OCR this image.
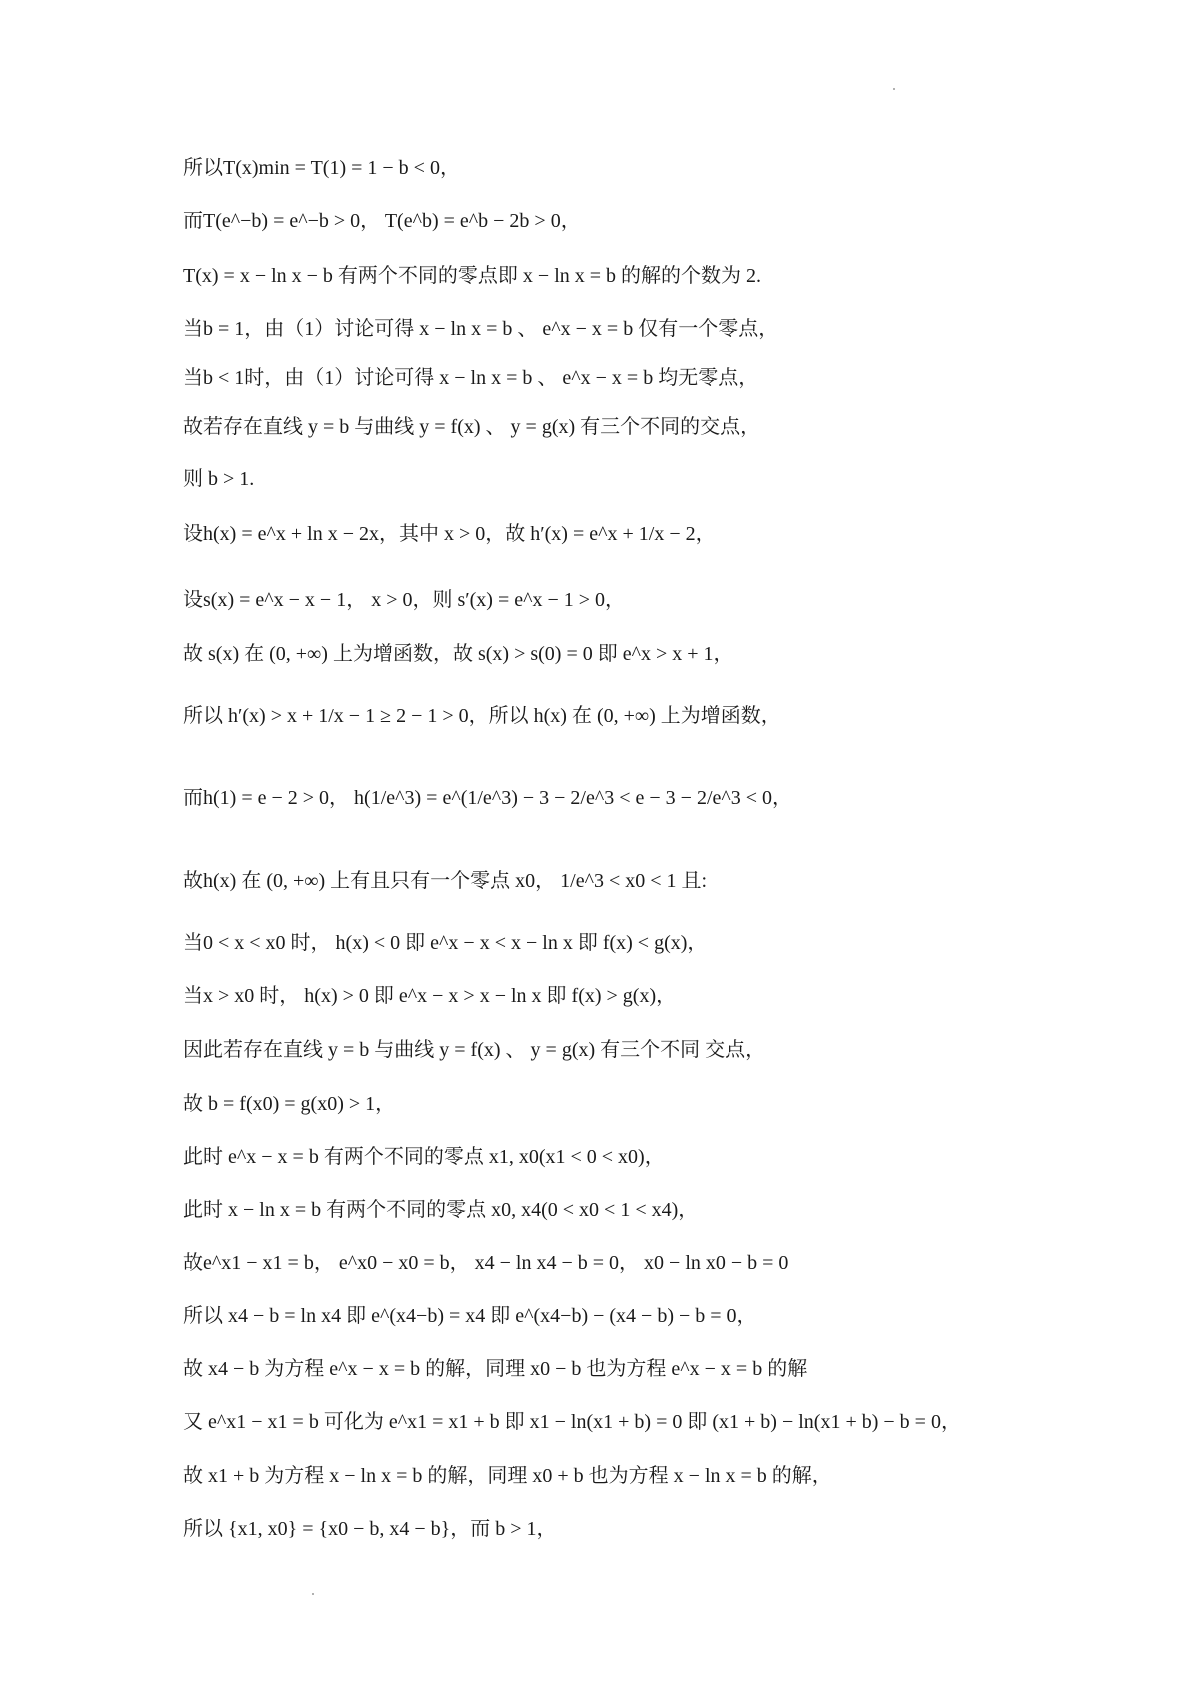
所以T(x)min = T(1) = 1 − b < 0，
而T(e^−b) = e^−b > 0， T(e^b) = e^b − 2b > 0，
T(x) = x − ln x − b 有两个不同的零点即 x − ln x = b 的解的个数为 2.
当b = 1，由（1）讨论可得 x − ln x = b 、 e^x − x = b 仅有一个零点，
当b < 1时，由（1）讨论可得 x − ln x = b 、 e^x − x = b 均无零点，
故若存在直线 y = b 与曲线 y = f(x) 、 y = g(x) 有三个不同的交点，
则 b > 1.
设h(x) = e^x + ln x − 2x，其中 x > 0，故 h′(x) = e^x + 1/x − 2，
设s(x) = e^x − x − 1， x > 0，则 s′(x) = e^x − 1 > 0，
故 s(x) 在 (0, +∞) 上为增函数，故 s(x) > s(0) = 0 即 e^x > x + 1，
所以 h′(x) > x + 1/x − 1 ≥ 2 − 1 > 0，所以 h(x) 在 (0, +∞) 上为增函数，
而h(1) = e − 2 > 0， h(1/e^3) = e^(1/e^3) − 3 − 2/e^3 < e − 3 − 2/e^3 < 0，
故h(x) 在 (0, +∞) 上有且只有一个零点 x0， 1/e^3 < x0 < 1 且:
当0 < x < x0 时， h(x) < 0 即 e^x − x < x − ln x 即 f(x) < g(x)，
当x > x0 时， h(x) > 0 即 e^x − x > x − ln x 即 f(x) > g(x)，
因此若存在直线 y = b 与曲线 y = f(x) 、 y = g(x) 有三个不同 交点，
故 b = f(x0) = g(x0) > 1，
此时 e^x − x = b 有两个不同的零点 x1, x0(x1 < 0 < x0)，
此时 x − ln x = b 有两个不同的零点 x0, x4(0 < x0 < 1 < x4)，
故e^x1 − x1 = b， e^x0 − x0 = b， x4 − ln x4 − b = 0， x0 − ln x0 − b = 0
所以 x4 − b = ln x4 即 e^(x4−b) = x4 即 e^(x4−b) − (x4 − b) − b = 0，
故 x4 − b 为方程 e^x − x = b 的解，同理 x0 − b 也为方程 e^x − x = b 的解
又 e^x1 − x1 = b 可化为 e^x1 = x1 + b 即 x1 − ln(x1 + b) = 0 即 (x1 + b) − ln(x1 + b) − b = 0，
故 x1 + b 为方程 x − ln x = b 的解，同理 x0 + b 也为方程 x − ln x = b 的解，
所以 {x1, x0} = {x0 − b, x4 − b}，而 b > 1，
